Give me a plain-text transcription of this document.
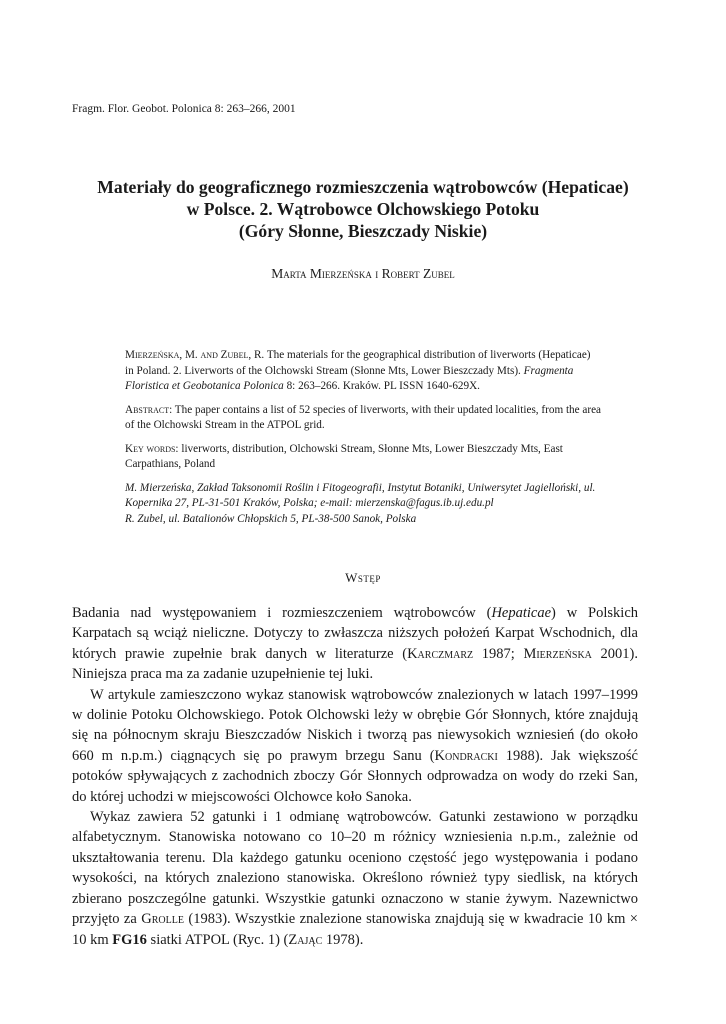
Fragm. Flor. Geobot. Polonica 8: 263–266, 2001
Materiały do geograficznego rozmieszczenia wątrobowców (Hepaticae)
w Polsce. 2. Wątrobowce Olchowskiego Potoku
(Góry Słonne, Bieszczady Niskie)
Marta Mierzeńska i Robert Zubel

Mierzeńska, M. and Zubel, R. The materials for the geographical distribution of liverworts (Hepaticae) in Poland. 2. Liverworts of the Olchowski Stream (Słonne Mts, Lower Bieszczady Mts). Fragmenta Floristica et Geobotanica Polonica 8: 263–266. Kraków. PL ISSN 1640-629X.

Abstract: The paper contains a list of 52 species of liverworts, with their updated localities, from the area of the Olchowski Stream in the ATPOL grid.

Key words: liverworts, distribution, Olchowski Stream, Słonne Mts, Lower Bieszczady Mts, East Carpathians, Poland

M. Mierzeńska, Zakład Taksonomii Roślin i Fitogeografii, Instytut Botaniki, Uniwersytet Jagielloński, ul. Kopernika 27, PL-31-501 Kraków, Polska; e-mail: mierzenska@fagus.ib.uj.edu.pl

R. Zubel, ul. Batalionów Chłopskich 5, PL-38-500 Sanok, Polska

Wstęp

Badania nad występowaniem i rozmieszczeniem wątrobowców (Hepaticae) w Polskich Karpatach są wciąż nieliczne. Dotyczy to zwłaszcza niższych położeń Karpat Wschodnich, dla których prawie zupełnie brak danych w literaturze (Karczmarz 1987; Mierzeńska 2001). Niniejsza praca ma za zadanie uzupełnienie tej luki.

W artykule zamieszczono wykaz stanowisk wątrobowców znalezionych w latach 1997–1999 w dolinie Potoku Olchowskiego. Potok Olchowski leży w obrębie Gór Słonnych, które znajdują się na północnym skraju Bieszczadów Niskich i tworzą pas niewysokich wzniesień (do około 660 m n.p.m.) ciągnących się po prawym brzegu Sanu (Kondracki 1988). Jak większość potoków spływających z zachodnich zboczy Gór Słonnych odprowadza on wody do rzeki San, do której uchodzi w miejscowości Olchowce koło Sanoka.

Wykaz zawiera 52 gatunki i 1 odmianę wątrobowców. Gatunki zestawiono w porządku alfabetycznym. Stanowiska notowano co 10–20 m różnicy wzniesienia n.p.m., zależnie od ukształtowania terenu. Dla każdego gatunku oceniono częstość jego występowania i podano wysokości, na których znaleziono stanowiska. Określono również typy siedlisk, na których zbierano poszczególne gatunki. Wszystkie gatunki oznaczono w stanie żywym. Nazewnictwo przyjęto za Grolle (1983). Wszystkie znalezione stanowiska znajdują się w kwadracie 10 km × 10 km FG16 siatki ATPOL (Ryc. 1) (Zając 1978).
